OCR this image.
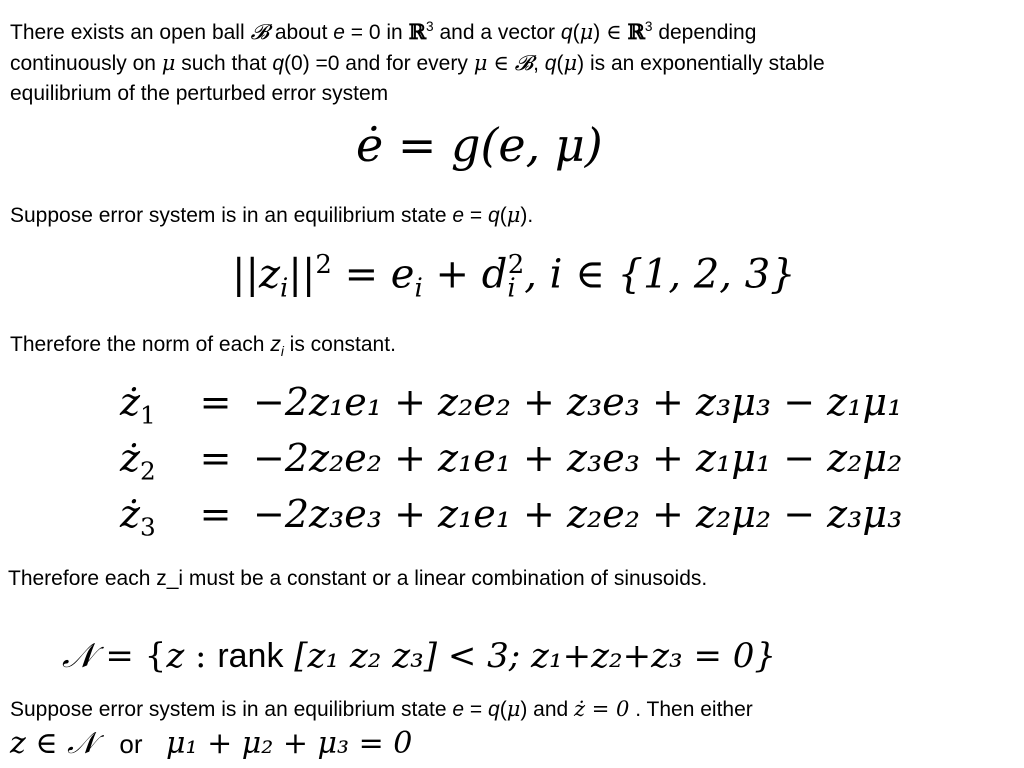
There exists an open ball 𝓑 about e = 0 in ℝ$^3$ and a vector q(μ) ∈ ℝ$^3$ depending
continuously on μ such that q(0) =0 and for every μ ∈ 𝓑, q(μ) is an exponentially stable
equilibrium of the perturbed error system
ė = g(e, μ)
Suppose error system is in an equilibrium state e = q(μ).
$||z_i||^2 = e_i + d_i^2$, i ∈ {1, 2, 3}
Therefore the norm of each $z_i$ is constant.
$ż_1 = -2z_1e_1 + z_2e_2 + z_3e_3 + z_3\mu_3 - z_1\mu_1$
$ż_2 = -2z_2e_2 + z_1e_1 + z_3e_3 + z_1\mu_1 - z_2\mu_2$
$ż_3 = -2z_3e_3 + z_1e_1 + z_2e_2 + z_2\mu_2 - z_3\mu_3$
Therefore each z_i must be a constant or a linear combination of sinusoids.
𝒩 = {z : rank [z₁ z₂ z₃] < 3; z₁+z₂+z₃ = 0}
Suppose error system is in an equilibrium state e = q(μ) and ż = 0 . Then either
z ∈ 𝒩 or μ₁ + μ₂ + μ₃ = 0
